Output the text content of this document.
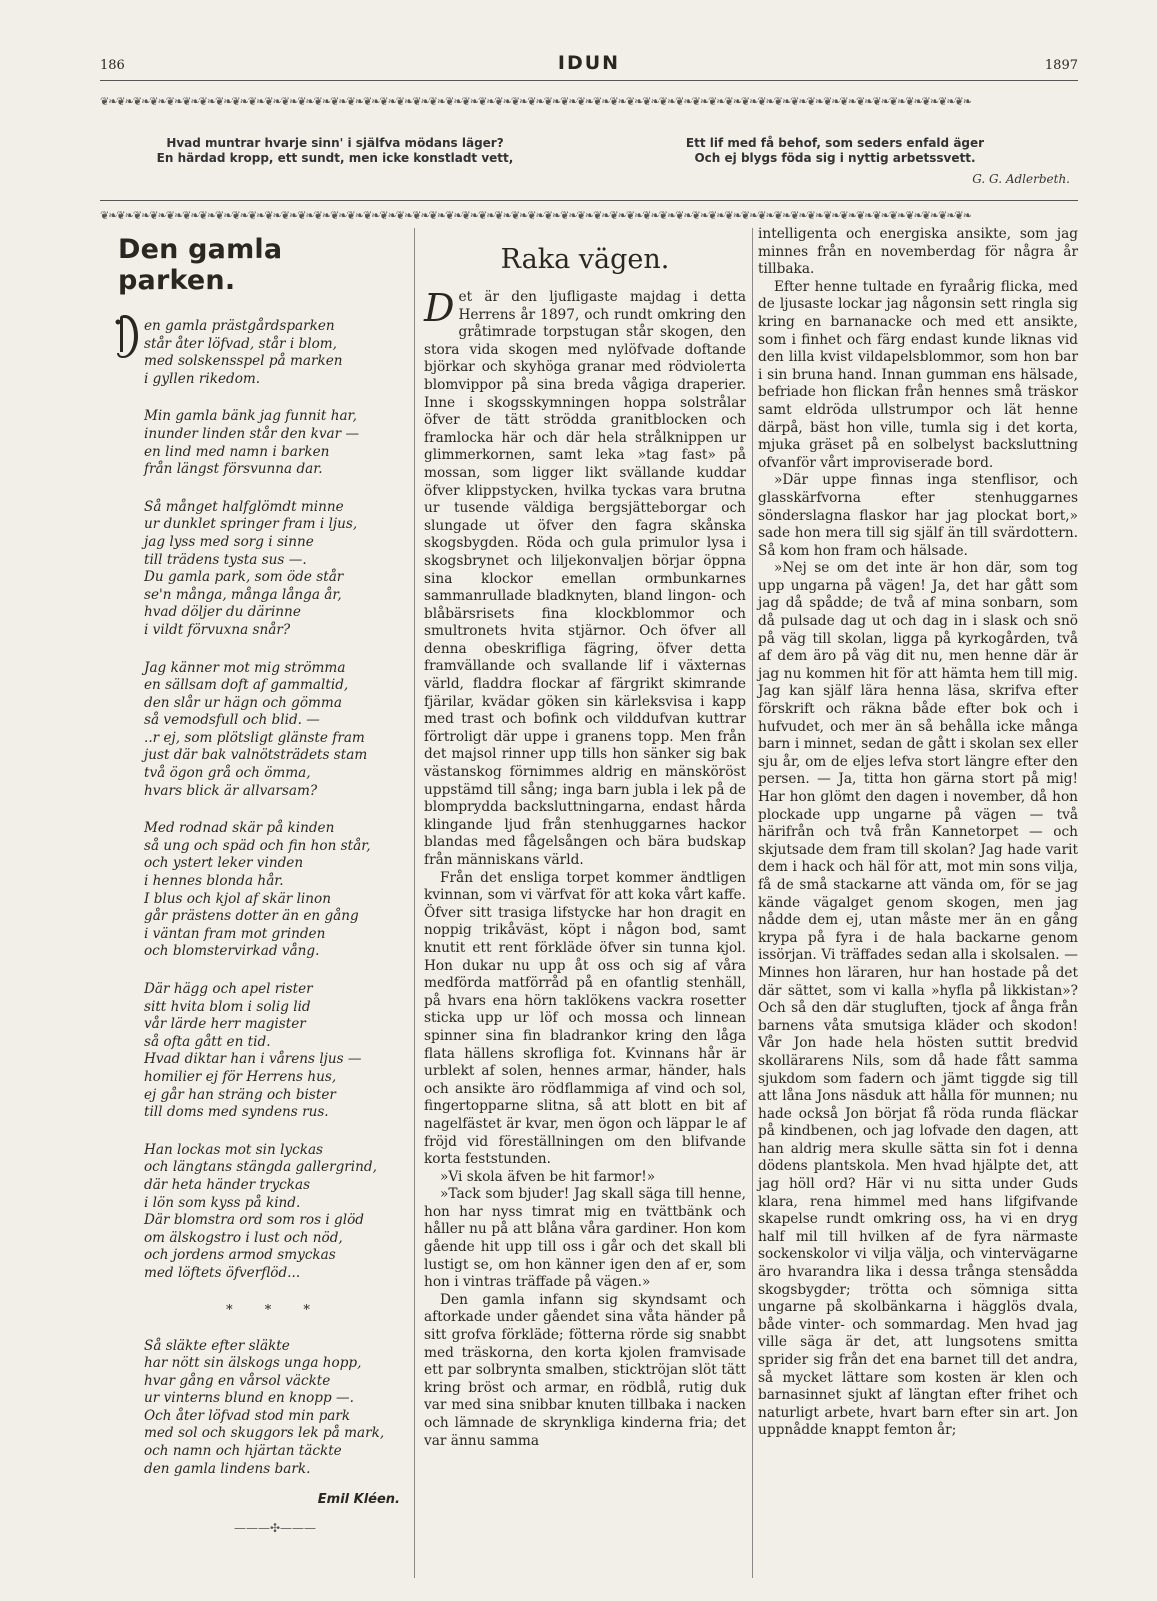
186	IDUN	1897
❦❧❦❧❦❧❦❧❦❧❦❧❦❧❦❧❦❧❦❧❦❧❦❧❦❧❦❧❦❧❦❧❦❧❦❧❦❧❦❧❦❧❦❧❦❧❦❧❦❧❦❧❦❧❦❧❦❧❦❧❦❧❦❧❦❧❦❧❦❧❦❧❦❧❦❧❦❧❦❧❦❧❦❧❦❧❦❧❦❧❦❧❦❧❦❧❦❧❦❧❦❧❦❧❦❧
Hvad muntrar hvarje sinn' i själfva mödans läger?
En härdad kropp, ett sundt, men icke konstladt vett,
Ett lif med få behof, som seders enfald äger
Och ej blygs föda sig i nyttig arbetssvett.
G. G. Adlerbeth.
❦❧❦❧❦❧❦❧❦❧❦❧❦❧❦❧❦❧❦❧❦❧❦❧❦❧❦❧❦❧❦❧❦❧❦❧❦❧❦❧❦❧❦❧❦❧❦❧❦❧❦❧❦❧❦❧❦❧❦❧❦❧❦❧❦❧❦❧❦❧❦❧❦❧❦❧❦❧❦❧❦❧❦❧❦❧❦❧❦❧❦❧❦❧❦❧❦❧❦❧❦❧❦❧❦❧
Den gamla parken.
en gamla prästgårdsparken
står åter löfvad, står i blom,
med solskensspel på marken
i gyllen rikedom.
Min gamla bänk jag funnit har,
inunder linden står den kvar —
en lind med namn i barken
från längst försvunna dar.
Så månget halfglömdt minne
ur dunklet springer fram i ljus,
jag lyss med sorg i sinne
till trädens tysta sus —.
Du gamla park, som öde står
se'n många, många långa år,
hvad döljer du därinne
i vildt förvuxna snår?
Jag känner mot mig strömma
en sällsam doft af gammaltid,
den slår ur hägn och gömma
så vemodsfull och blid. —
..r ej, som plötsligt glänste fram
just där bak valnötsträdets stam
två ögon grå och ömma,
hvars blick är allvarsam?
Med rodnad skär på kinden
så ung och späd och fin hon står,
och ystert leker vinden
i hennes blonda hår.
I blus och kjol af skär linon
går prästens dotter än en gång
i väntan fram mot grinden
och blomstervirkad vång.
Där hägg och apel rister
sitt hvita blom i solig lid
vår lärde herr magister
så ofta gått en tid.
Hvad diktar han i vårens ljus —
homilier ej för Herrens hus,
ej går han sträng och bister
till doms med syndens rus.
Han lockas mot sin lyckas
och längtans stängda gallergrind,
där heta händer tryckas
i lön som kyss på kind.
Där blomstra ord som ros i glöd
om älskogstro i lust och nöd,
och jordens armod smyckas
med löftets öfverflöd...
* * *
Så släkte efter släkte
har nött sin älskogs unga hopp,
hvar gång en vårsol väckte
ur vinterns blund en knopp —.
Och åter löfvad stod min park
med sol och skuggors lek på mark,
och namn och hjärtan täckte
den gamla lindens bark.
Emil Kléen.
———✣———
Raka vägen.

Det är den ljufligaste majdag i detta Herrens år 1897, och rundt omkring den gråtimrade torpstugan står skogen, den stora vida skogen med nylöfvade doftande björkar och skyhöga granar med rödviolетta blomvippor på sina breda vågiga draperier. Inne i skogsskymningen hoppa solstrålar öfver de tätt strödda granitblocken och framlocka här och där hela strålknippen ur glimmerkornen, samt leka »tag fast» på mossan, som ligger likt svällande kuddar öfver klippstycken, hvilka tyckas vara brutna ur tusende väldiga bergsjätteborgar och slungade ut öfver den fagra skånska skogsbygden. Röda och gula primulor lysa i skogsbrynet och liljekonvaljen börjar öppna sina klockor emellan ormbunkarnes sammanrullade bladknyten, bland lingon- och blåbärsrisets fina klockblommor och smultronets hvita stjärnor. Och öfver all denna obeskrifliga fägring, öfver detta framvällande och svallande lif i växternas värld, fladdra flockar af färgrikt skimrande fjärilar, kvädar göken sin kärleksvisa i kapp med trast och bofink och vilddufvan kuttrar förtroligt där uppe i granens topp. Men från det majsol rinner upp tills hon sänker sig bak västanskog förnimmes aldrig en mänsköröst uppstämd till sång; inga barn jubla i lek på de blomprydda backsluttningarna, endast hårda klingande ljud från stenhuggarnes hackor blandas med fågelsången och bära budskap från människans värld.

Från det ensliga torpet kommer ändtligen kvinnan, som vi värfvat för att koka vårt kaffe. Öfver sitt trasiga lifstycke har hon dragit en noppig trikåväst, köpt i någon bod, samt knutit ett rent förkläde öfver sin tunna kjol. Hon dukar nu upp åt oss och sig af våra medförda matförråd på en ofantlig stenhäll, på hvars ena hörn taklökens vackra rosetter sticka upp ur löf och mossa och linnean spinner sina fin bladrankor kring den låga flata hällens skrofliga fot. Kvinnans hår är urblekt af solen, hennes armar, händer, hals och ansikte äro rödflammiga af vind och sol, fingertopparne slitna, så att blott en bit af nagelfästet är kvar, men ögon och läppar le af fröjd vid föreställningen om den blifvande korta feststunden.

»Vi skola äfven be hit farmor!»

»Tack som bjuder! Jag skall säga till henne, hon har nyss timrat mig en tvättbänk och håller nu på att blåna våra gardiner. Hon kom gående hit upp till oss i går och det skall bli lustigt se, om hon känner igen den af er, som hon i vintras träffade på vägen.»

Den gamla infann sig skyndsamt och aftorkade under gåendet sina våta händer på sitt grofva förkläde; fötterna rörde sig snabbt med träskorna, den korta kjolen framvisade ett par solbrynta smalben, sticktröjan slöt tätt kring bröst och armar, en rödblå, rutig duk var med sina snibbar knuten tillbaka i nacken och lämnade de skrynkliga kinderna fria; det var ännu samma

intelligenta och energiska ansikte, som jag minnes från en novemberdag för några år tillbaka.

Efter henne tultade en fyraårig flicka, med de ljusaste lockar jag någonsin sett ringla sig kring en barnanacke och med ett ansikte, som i finhet och färg endast kunde liknas vid den lilla kvist vildapelsblommor, som hon bar i sin bruna hand. Innan gumman ens hälsade, befriade hon flickan från hennes små träskor samt eldröda ullstrumpor och lät henne därpå, bäst hon ville, tumla sig i det korta, mjuka gräset på en solbelyst backsluttning ofvanför vårt improviserade bord.

»Där uppe finnas inga stenflisor, och glasskärfvorna efter stenhuggarnes sönderslagna flaskor har jag plockat bort,» sade hon mera till sig själf än till svärdottern. Så kom hon fram och hälsade.

»Nej se om det inte är hon där, som tog upp ungarna på vägen! Ja, det har gått som jag då spådde; de två af mina sonbarn, som då pulsade dag ut och dag in i slask och snö på väg till skolan, ligga på kyrkogården, två af dem äro på väg dit nu, men henne där är jag nu kommen hit för att hämta hem till mig. Jag kan själf lära henna läsa, skrifva efter förskrift och räkna både efter bok och i hufvudet, och mer än så behålla icke många barn i minnet, sedan de gått i skolan sex eller sju år, om de eljes lefva stort längre efter den persen. — Ja, titta hon gärna stort på mig! Har hon glömt den dagen i november, då hon plockade upp ungarne på vägen — två härifrån och två från Kannetorpet — och skjutsade dem fram till skolan? Jag hade varit dem i hack och häl för att, mot min sons vilja, få de små stackarne att vända om, för se jag kände vägalget genom skogen, men jag nådde dem ej, utan måste mer än en gång krypa på fyra i de hala backarne genom issörjan. Vi träffades sedan alla i skolsalen. — Minnes hon läraren, hur han hostade på det där sättet, som vi kalla »hyfla på likkistan»? Och så den där stugluften, tjock af ånga från barnens våta smutsiga kläder och skodon! Vår Jon hade hela hösten suttit bredvid skollärarens Nils, som då hade fått samma sjukdom som fadern och jämt tiggde sig till att låna Jons näsduk att hålla för munnen; nu hade också Jon börjat få röda runda fläckar på kindbenen, och jag lofvade den dagen, att han aldrig mera skulle sätta sin fot i denna dödens plantskola. Men hvad hjälpte det, att jag höll ord? Här vi nu sitta under Guds klara, rena himmel med hans lifgifvande skapelse rundt omkring oss, ha vi en dryg half mil till hvilken af de fyra närmaste sockenskolor vi vilja välja, och vintervägarne äro hvarandra lika i dessa trånga stensådda skogsbygder; trötta och sömniga sitta ungarne på skolbänkarna i hägglös dvala, både vinter- och sommardag. Men hvad jag ville säga är det, att lungsotens smitta sprider sig från det ena barnet till det andra, så mycket lättare som kosten är klen och barnasinnet sjukt af längtan efter frihet och naturligt arbete, hvart barn efter sin art. Jon uppnådde knappt femton år;
